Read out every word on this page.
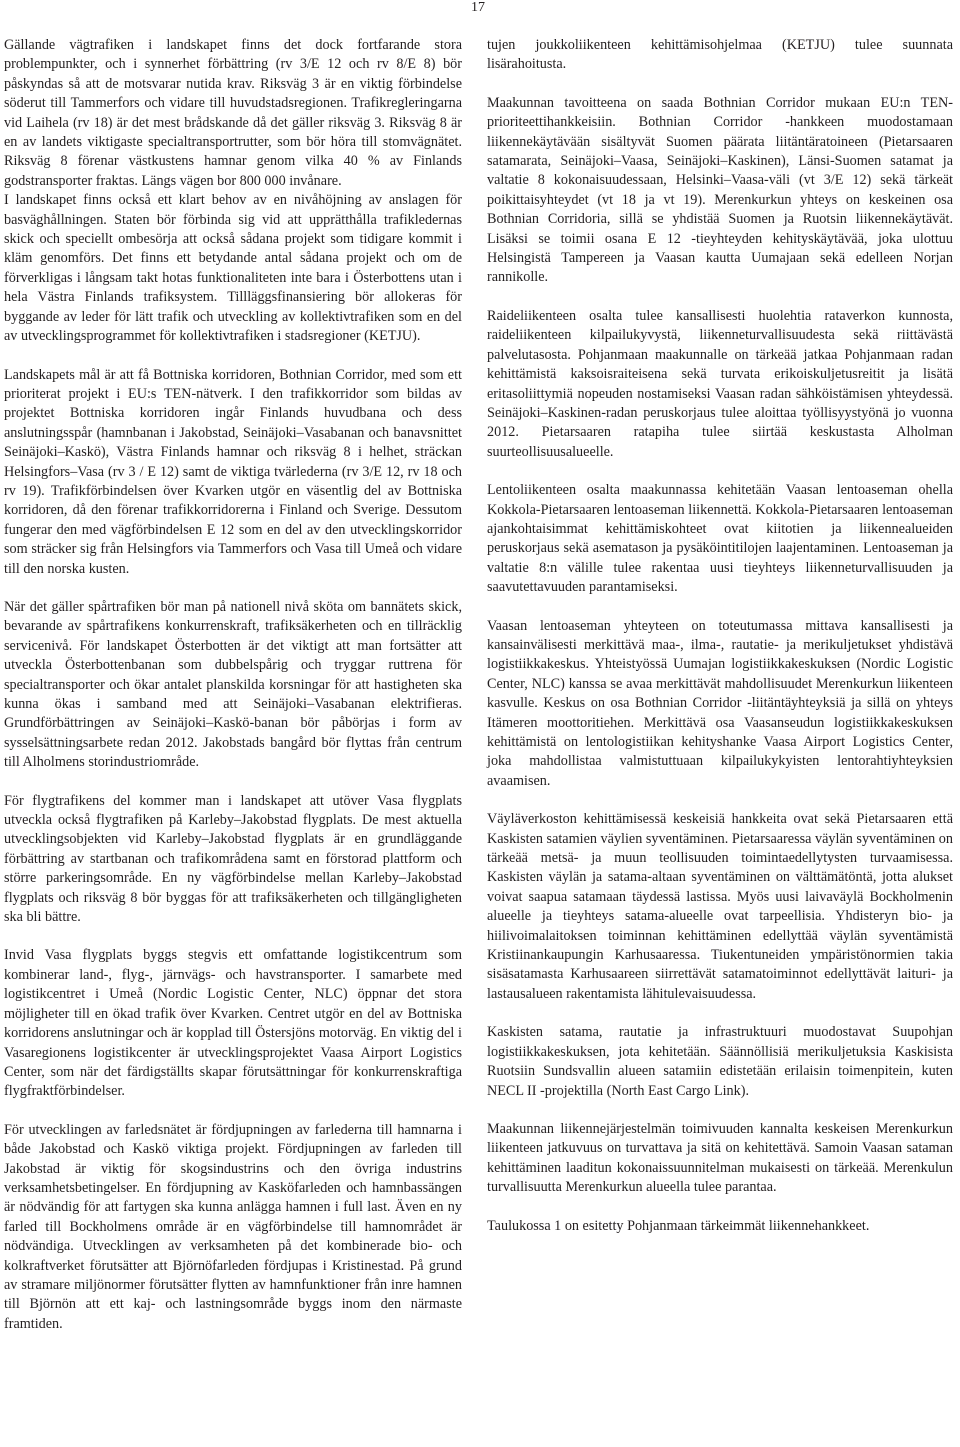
17

Gällande vägtrafiken i landskapet finns det dock fortfarande stora problempunkter, och i synnerhet förbättring (rv 3/E 12 och rv 8/E 8) bör påskyndas så att de motsvarar nutida krav. Riksväg 3 är en viktig förbindelse söderut till Tammerfors och vidare till huvudstadsregionen. Trafikregleringarna vid Laihela (rv 18) är det mest brådskande då det gäller riksväg 3. Riksväg 8 är en av landets viktigaste specialtransportrutter, som bör höra till stomvägnätet. Riksväg 8 förenar västkustens hamnar genom vilka 40 % av Finlands godstransporter fraktas. Längs vägen bor 800 000 invånare.

I landskapet finns också ett klart behov av en nivåhöjning av anslagen för basväghållningen. Staten bör förbinda sig vid att upprätthålla trafikledernas skick och speciellt ombesörja att också sådana projekt som tidigare kommit i kläm genomförs. Det finns ett betydande antal sådana projekt och om de förverkligas i långsam takt hotas funktionaliteten inte bara i Österbottens utan i hela Västra Finlands trafiksystem. Tillläggsfinansiering bör allokeras för byggande av leder för lätt trafik och utveckling av kollektivtrafiken som en del av utvecklingsprogrammet för kollektivtrafiken i stadsregioner (KETJU).

Landskapets mål är att få Bottniska korridoren, Bothnian Corridor, med som ett prioriterat projekt i EU:s TEN-nätverk. I den trafikkorridor som bildas av projektet Bottniska korridoren ingår Finlands huvudbana och dess anslutningsspår (hamnbanan i Jakobstad, Seinäjoki–Vasabanan och banavsnittet Seinäjoki–Kaskö), Västra Finlands hamnar och riksväg 8 i helhet, sträckan Helsingfors–Vasa (rv 3 / E 12) samt de viktiga tvärlederna (rv 3/E 12, rv 18 och rv 19). Trafikförbindelsen över Kvarken utgör en väsentlig del av Bottniska korridoren, då den förenar trafikkorridorerna i Finland och Sverige. Dessutom fungerar den med vägförbindelsen E 12 som en del av den utvecklingskorridor som sträcker sig från Helsingfors via Tammerfors och Vasa till Umeå och vidare till den norska kusten.

När det gäller spårtrafiken bör man på nationell nivå sköta om bannätets skick, bevarande av spårtrafikens konkurrenskraft, trafiksäkerheten och en tillräcklig servicenivå. För landskapet Österbotten är det viktigt att man fortsätter att utveckla Österbottenbanan som dubbelspårig och tryggar ruttrena för specialtransporter och ökar antalet planskilda korsningar för att hastigheten ska kunna ökas i samband med att Seinäjoki–Vasabanan elektrifieras. Grundförbättringen av Seinäjoki–Kaskö-banan bör påbörjas i form av sysselsättningsarbete redan 2012. Jakobstads bangård bör flyttas från centrum till Alholmens storindustriområde.

För flygtrafikens del kommer man i landskapet att utöver Vasa flygplats utveckla också flygtrafiken på Karleby–Jakobstad flygplats. De mest aktuella utvecklingsobjekten vid Karleby–Jakobstad flygplats är en grundläggande förbättring av startbanan och trafikområdena samt en förstorad plattform och större parkeringsområde. En ny vägförbindelse mellan Karleby–Jakobstad flygplats och riksväg 8 bör byggas för att trafiksäkerheten och tillgängligheten ska bli bättre.

Invid Vasa flygplats byggs stegvis ett omfattande logistikcentrum som kombinerar land-, flyg-, järnvägs- och havstransporter. I samarbete med logistikcentret i Umeå (Nordic Logistic Center, NLC) öppnar det stora möjligheter till en ökad trafik över Kvarken. Centret utgör en del av Bottniska korridorens anslutningar och är kopplad till Östersjöns motorväg. En viktig del i Vasaregionens logistikcenter är utvecklingsprojektet Vaasa Airport Logistics Center, som när det färdigställts skapar förutsättningar för konkurrenskraftiga flygfraktförbindelser.

För utvecklingen av farledsnätet är fördjupningen av farlederna till hamnarna i både Jakobstad och Kaskö viktiga projekt. Fördjupningen av farleden till Jakobstad är viktig för skogsindustrins och den övriga industrins verksamhetsbetingelser. En fördjupning av Kasköfarleden och hamnbassängen är nödvändig för att fartygen ska kunna anlägga hamnen i full last. Även en ny farled till Bockholmens område är en vägförbindelse till hamnområdet är nödvändiga. Utvecklingen av verksamheten på det kombinerade bio- och kolkraftverket förutsätter att Björnöfarleden fördjupas i Kristinestad. På grund av stramare miljönormer förutsätter flytten av hamnfunktioner från inre hamnen till Björnön att ett kaj- och lastningsområde byggs inom den närmaste framtiden.

tujen joukkoliikenteen kehittämisohjelmaa (KETJU) tulee suunnata lisärahoitusta.

Maakunnan tavoitteena on saada Bothnian Corridor mukaan EU:n TEN-prioriteettihankkeisiin. Bothnian Corridor -hankkeen muodostamaan liikennekäytävään sisältyvät Suomen päärata liitäntäratoineen (Pietarsaaren satamarata, Seinäjoki–Vaasa, Seinäjoki–Kaskinen), Länsi-Suomen satamat ja valtatie 8 kokonaisuudessaan, Helsinki–Vaasa-väli (vt 3/E 12) sekä tärkeät poikittaisyhteydet (vt 18 ja vt 19). Merenkurkun yhteys on keskeinen osa Bothnian Corridoria, sillä se yhdistää Suomen ja Ruotsin liikennekäytävät. Lisäksi se toimii osana E 12 -tieyhteyden kehityskäytävää, joka ulottuu Helsingistä Tampereen ja Vaasan kautta Uumajaan sekä edelleen Norjan rannikolle.

Raideliikenteen osalta tulee kansallisesti huolehtia rataverkon kunnosta, raideliikenteen kilpailukyvystä, liikenneturvallisuudesta sekä riittävästä palvelutasosta. Pohjanmaan maakunnalle on tärkeää jatkaa Pohjanmaan radan kehittämistä kaksoisraiteisena sekä turvata erikoiskuljetusreitit ja lisätä eritasoliittymiä nopeuden nostamiseksi Vaasan radan sähköistämisen yhteydessä. Seinäjoki–Kaskinen-radan peruskorjaus tulee aloittaa työllisyystyönä jo vuonna 2012. Pietarsaaren ratapiha tulee siirtää keskustasta Alholman suurteollisuusalueelle.

Lentoliikenteen osalta maakunnassa kehitetään Vaasan lentoaseman ohella Kokkola-Pietarsaaren lentoaseman liikennettä. Kokkola-Pietarsaaren lentoaseman ajankohtaisimmat kehittämiskohteet ovat kiitotien ja liikennealueiden peruskorjaus sekä asematason ja pysäköintitilojen laajentaminen. Lentoaseman ja valtatie 8:n välille tulee rakentaa uusi tieyhteys liikenneturvallisuuden ja saavutettavuuden parantamiseksi.

Vaasan lentoaseman yhteyteen on toteutumassa mittava kansallisesti ja kansainvälisesti merkittävä maa-, ilma-, rautatie- ja merikuljetukset yhdistävä logistiikkakeskus. Yhteistyössä Uumajan logistiikkakeskuksen (Nordic Logistic Center, NLC) kanssa se avaa merkittävät mahdollisuudet Merenkurkun liikenteen kasvulle. Keskus on osa Bothnian Corridor -liitäntäyhteyksiä ja sillä on yhteys Itämeren moottoritiehen. Merkittävä osa Vaasanseudun logistiikkakeskuksen kehittämistä on lentologistiikan kehityshanke Vaasa Airport Logistics Center, joka mahdollistaa valmistuttuaan kilpailukykyisten lentorahtiyhteyksien avaamisen.

Väyläverkoston kehittämisessä keskeisiä hankkeita ovat sekä Pietarsaaren että Kaskisten satamien väylien syventäminen. Pietarsaaressa väylän syventäminen on tärkeää metsä- ja muun teollisuuden toimintaedellytysten turvaamisessa. Kaskisten väylän ja satama-altaan syventäminen on välttämätöntä, jotta alukset voivat saapua satamaan täydessä lastissa. Myös uusi laivaväylä Bockholmenin alueelle ja tieyhteys satama-alueelle ovat tarpeellisia. Yhdisteryn bio- ja hiilivoimalaitoksen toiminnan kehittäminen edellyttää väylän syventämistä Kristiinankaupungin Karhusaaressa. Tiukentuneiden ympäristönormien takia sisäsatamasta Karhusaareen siirrettävät satamatoiminnot edellyttävät laituri- ja lastausalueen rakentamista lähitulevaisuudessa.

Kaskisten satama, rautatie ja infrastruktuuri muodostavat Suupohjan logistiikkakeskuksen, jota kehitetään. Säännöllisiä merikuljetuksia Kaskisista Ruotsiin Sundsvallin alueen satamiin edistetään erilaisin toimenpitein, kuten NECL II -projektilla (North East Cargo Link).

Maakunnan liikennejärjestelmän toimivuuden kannalta keskeisen Merenkurkun liikenteen jatkuvuus on turvattava ja sitä on kehitettävä. Samoin Vaasan sataman kehittäminen laaditun kokonaissuunnitelman mukaisesti on tärkeää. Merenkulun turvallisuutta Merenkurkun alueella tulee parantaa.

Taulukossa 1 on esitetty Pohjanmaan tärkeimmät liikennehankkeet.
